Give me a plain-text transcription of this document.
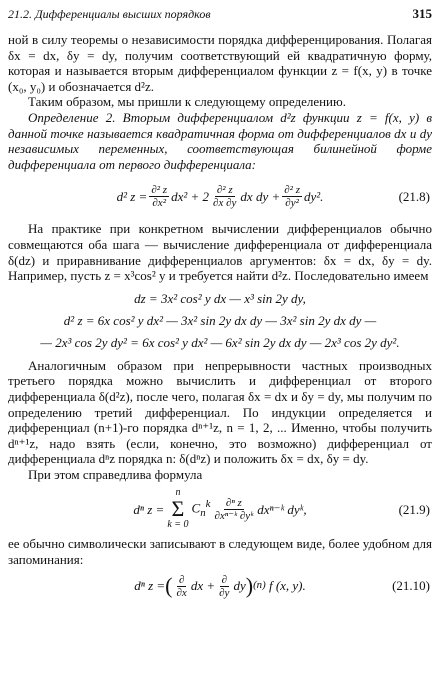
21.2. Дифференциалы высших порядков	315

ной в силу теоремы о независимости порядка дифференцирования. Полагая δx = dx, δy = dy, получим соответствующий ей квадратичную форму, которая и называется вторым дифференциалом функции z = f(x, y) в точке (x₀, y₀) и обозначается d²z.

Таким образом, мы пришли к следующему определению.

Определение 2. Вторым дифференциалом d²z функции z = f(x, y) в данной точке называется квадратичная форма от дифференциалов dx и dy независимых переменных, соответствующая билинейной форме дифференциала от первого дифференциала:

d² $z = \frac{\text{∂² z}}{\text{∂x²}} dx^2 + 2 \frac{\text{∂² z}}{\partial x \partial y}$ dx dy + $\frac{\text{∂² z}}{\text{∂y²}} dy^2$.	(21.8)

На практике при конкретном вычислении дифференциалов обычно совмещаются оба шага — вычисление дифференциала от дифференциала δ(dz) и приравнивание дифференциалов аргументов: δx = dx, δy = dy. Например, пусть z = x³cos² y и требуется найти d²z. Последовательно имеем

dz = 3x² cos² y dx — x³ sin 2y dy,
d² z = 6x cos² y dx² — 3x² sin 2y dx dy — 3x² sin 2y dx dy —
— 2x³ cos 2y dy² = 6x cos² y dx² — 6x² sin 2y dx dy — 2x³ cos 2y dy².

Аналогичным образом при непрерывности частных производных третьего порядка можно вычислить и дифференциал от второго дифференциала δ(d²z), после чего, полагая δx = dx и δy = dy, мы получим по определению третий дифференциал. По индукции определяется и дифференциал (n+1)-го порядка dⁿ⁺¹z, n = 1, 2, ... Именно, чтобы получить dⁿ⁺¹z, надо взять (если, конечно, это возможно) дифференциал от дифференциала dⁿz порядка n: δ(dⁿz) и положить δx = dx, δy = dy.

При этом справедлива формула

dⁿ z =
n
Σ
k = 0
$C_n^k \frac{\text{∂ⁿ z}}{\text{∂xⁿ⁻ᵏ ∂yᵏ}}$ dxⁿ⁻ᵏ dyᵏ,	(21.9)

ее обычно символически записывают в следующем виде, более удобном для запоминания:

dⁿ z = ( $\frac{\partial}{\partial x}$ dx + $\frac{\partial}{\partial y}$ dy ) (n) f (x, y).	(21.10)
